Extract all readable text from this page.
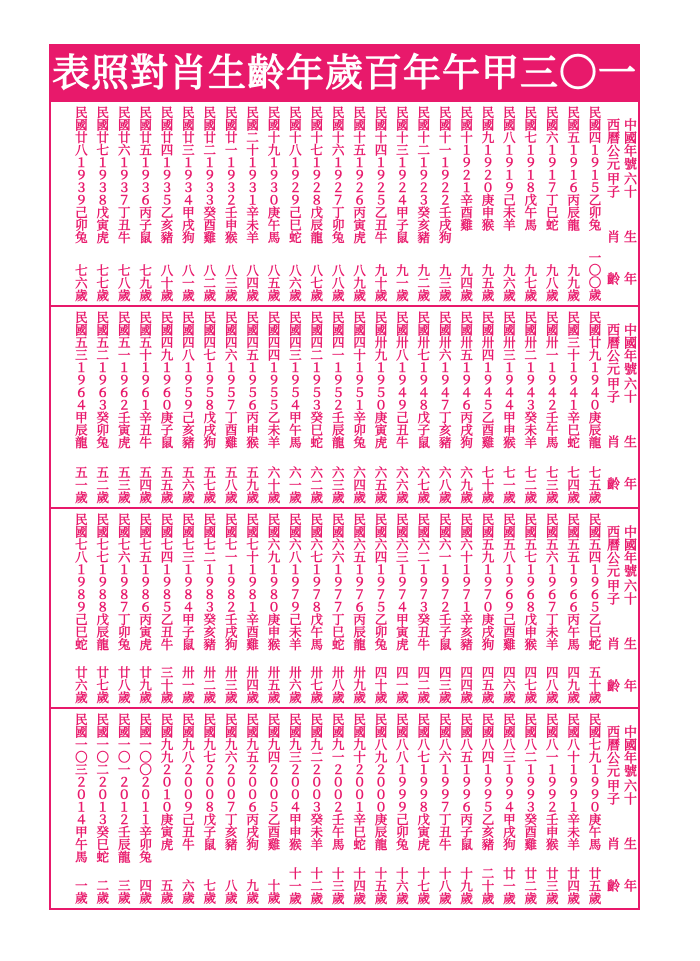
表照對肖生齡年歲百年午甲三〇一
中國年號
西曆公元
甲子 六十
肖 生
齡 年
民國四１９１５乙卯兔
一〇〇歲
民國五１９１６丙辰龍
九九歲
民國六１９１７丁巳蛇
九八歲
民國七１９１８戊午馬
九七歲
民國八１９１９己未羊
九六歲
民國九１９２０庚申猴
九五歲
民國十１９２１辛酉雞
九四歲
民國十一１９２２壬戌狗
九三歲
民國十二１９２３癸亥豬
九二歲
民國十三１９２４甲子鼠
九一歲
民國十四１９２５乙丑牛
九十歲
民國十五１９２６丙寅虎
八九歲
民國十六１９２７丁卯兔
八八歲
民國十七１９２８戊辰龍
八七歲
民國十八１９２９己巳蛇
八六歲
民國十九１９３０庚午馬
八五歲
民國二十１９３１辛未羊
八四歲
民國廿一１９３２壬申猴
八三歲
民國廿二１９３３癸酉雞
八二歲
民國廿三１９３４甲戌狗
八一歲
民國廿四１９３５乙亥豬
八十歲
民國廿五１９３６丙子鼠
七九歲
民國廿六１９３７丁丑牛
七八歲
民國廿七１９３８戊寅虎
七七歲
民國廿八１９３９己卯兔
七六歲
中國年號
西曆公元
甲子 六十
肖 生
齡 年
民國廿九１９４０庚辰龍
七五歲
民國三十１９４１辛巳蛇
七四歲
民國卅一１９４２壬午馬
七三歲
民國卅二１９４３癸未羊
七二歲
民國卅三１９４４甲申猴
七一歲
民國卅四１９４５乙酉雞
七十歲
民國卅五１９４６丙戌狗
六九歲
民國卅六１９４７丁亥豬
六八歲
民國卅七１９４８戊子鼠
六七歲
民國卅八１９４９己丑牛
六六歲
民國卅九１９５０庚寅虎
六五歲
民國四十１９５１辛卯兔
六四歲
民國四一１９５２壬辰龍
六三歲
民國四二１９５３癸巳蛇
六二歲
民國四三１９５４甲午馬
六一歲
民國四四１９５５乙未羊
六十歲
民國四五１９５６丙申猴
五九歲
民國四六１９５７丁酉雞
五八歲
民國四七１９５８戊戌狗
五七歲
民國四八１９５９己亥豬
五六歲
民國四九１９６０庚子鼠
五五歲
民國五十１９６１辛丑牛
五四歲
民國五一１９６２壬寅虎
五三歲
民國五二１９６３癸卯兔
五二歲
民國五三１９６４甲辰龍
五一歲
中國年號
西曆公元
甲子 六十
肖 生
齡 年
民國五四１９６５乙巳蛇
五十歲
民國五五１９６６丙午馬
四九歲
民國五六１９６７丁未羊
四八歲
民國五七１９６８戊申猴
四七歲
民國五八１９６９己酉雞
四六歲
民國五九１９７０庚戌狗
四五歲
民國六十１９７１辛亥豬
四四歲
民國六一１９７２壬子鼠
四三歲
民國六二１９７３癸丑牛
四二歲
民國六三１９７４甲寅虎
四一歲
民國六四１９７５乙卯兔
四十歲
民國六五１９７６丙辰龍
卅九歲
民國六六１９７７丁巳蛇
卅八歲
民國六七１９７８戊午馬
卅七歲
民國六八１９７９己未羊
卅六歲
民國六九１９８０庚申猴
卅五歲
民國七十１９８１辛酉雞
卅四歲
民國七一１９８２壬戌狗
卅三歲
民國七二１９８３癸亥豬
卅二歲
民國七三１９８４甲子鼠
卅一歲
民國七四１９８５乙丑牛
三十歲
民國七五１９８６丙寅虎
廿九歲
民國七六１９８７丁卯兔
廿八歲
民國七七１９８８戊辰龍
廿七歲
民國七八１９８９己巳蛇
廿六歲
中國年號
西曆公元
甲子 六十
肖 生
齡 年
民國七九１９９０庚午馬
廿五歲
民國八十１９９１辛未羊
廿四歲
民國八一１９９２壬申猴
廿三歲
民國八二１９９３癸酉雞
廿二歲
民國八三１９９４甲戌狗
廿一歲
民國八四１９９５乙亥豬
二十歲
民國八五１９９６丙子鼠
十九歲
民國八六１９９７丁丑牛
十八歲
民國八七１９９８戊寅虎
十七歲
民國八八１９９９己卯兔
十六歲
民國八九２０００庚辰龍
十五歲
民國九十２００１辛巳蛇
十四歲
民國九一２００２壬午馬
十三歲
民國九二２００３癸未羊
十二歲
民國九三２００４甲申猴
十一歲
民國九四２００５乙酉雞
十歲
民國九五２００６丙戌狗
九歲
民國九六２００７丁亥豬
八歲
民國九七２００８戊子鼠
七歲
民國九八２００９己丑牛
六歲
民國九九２０１０庚寅虎
五歲
民國一〇〇２０１１辛卯兔
四歲
民國一〇一２０１２壬辰龍
三歲
民國一〇二２０１３癸巳蛇
二歲
民國一〇三２０１４甲午馬
一歲
